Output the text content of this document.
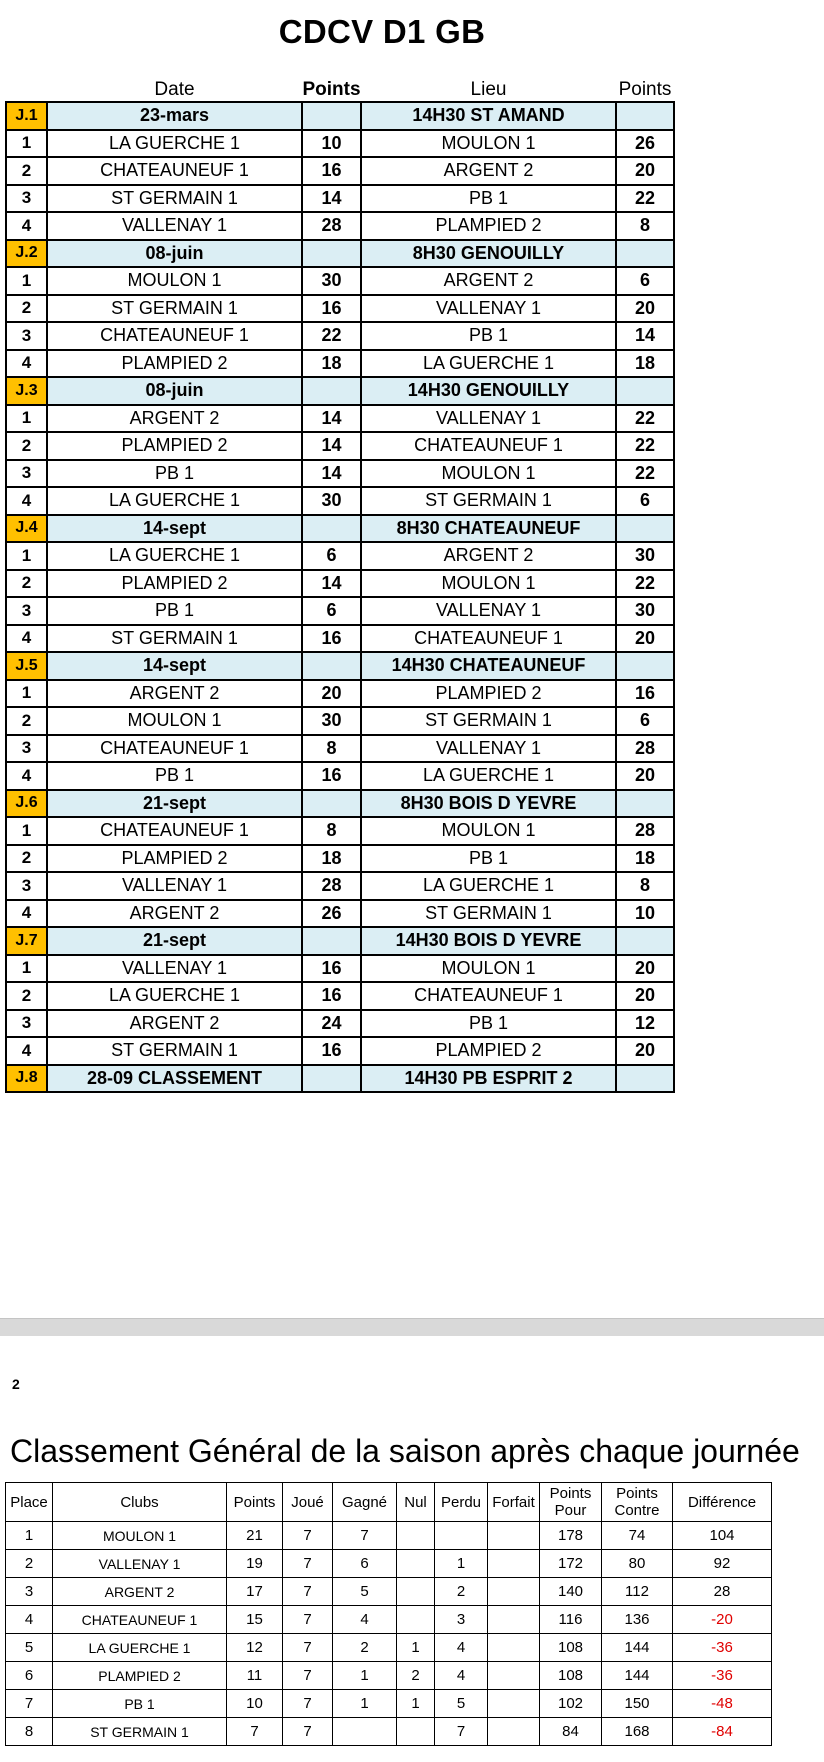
CDCV D1 GB
	Date	Points	Lieu	Points
J.1	23-mars		14H30 ST AMAND	
1	LA GUERCHE 1	10	MOULON 1	26
2	CHATEAUNEUF 1	16	ARGENT 2	20
3	ST GERMAIN 1	14	PB 1	22
4	VALLENAY 1	28	PLAMPIED 2	8
J.2	08-juin		8H30 GENOUILLY	
1	MOULON 1	30	ARGENT 2	6
2	ST GERMAIN 1	16	VALLENAY 1	20
3	CHATEAUNEUF 1	22	PB 1	14
4	PLAMPIED 2	18	LA GUERCHE 1	18
J.3	08-juin		14H30 GENOUILLY	
1	ARGENT 2	14	VALLENAY 1	22
2	PLAMPIED 2	14	CHATEAUNEUF 1	22
3	PB 1	14	MOULON 1	22
4	LA GUERCHE 1	30	ST GERMAIN 1	6
J.4	14-sept		8H30 CHATEAUNEUF	
1	LA GUERCHE 1	6	ARGENT 2	30
2	PLAMPIED 2	14	MOULON 1	22
3	PB 1	6	VALLENAY 1	30
4	ST GERMAIN 1	16	CHATEAUNEUF 1	20
J.5	14-sept		14H30 CHATEAUNEUF	
1	ARGENT 2	20	PLAMPIED 2	16
2	MOULON 1	30	ST GERMAIN 1	6
3	CHATEAUNEUF 1	8	VALLENAY 1	28
4	PB 1	16	LA GUERCHE 1	20
J.6	21-sept		8H30 BOIS D YEVRE	
1	CHATEAUNEUF 1	8	MOULON 1	28
2	PLAMPIED 2	18	PB 1	18
3	VALLENAY 1	28	LA GUERCHE 1	8
4	ARGENT 2	26	ST GERMAIN 1	10
J.7	21-sept		14H30 BOIS D YEVRE	
1	VALLENAY 1	16	MOULON 1	20
2	LA GUERCHE 1	16	CHATEAUNEUF 1	20
3	ARGENT 2	24	PB 1	12
4	ST GERMAIN 1	16	PLAMPIED 2	20
J.8	28-09 CLASSEMENT		14H30 PB ESPRIT 2	
2
Classement Général de la saison après chaque journée
Place	Clubs	Points	Joué	Gagné	Nul	Perdu	Forfait	Points Pour	Points Contre	Différence
1	MOULON 1	21	7	7				178	74	104
2	VALLENAY 1	19	7	6		1		172	80	92
3	ARGENT 2	17	7	5		2		140	112	28
4	CHATEAUNEUF 1	15	7	4		3		116	136	-20
5	LA GUERCHE 1	12	7	2	1	4		108	144	-36
6	PLAMPIED 2	11	7	1	2	4		108	144	-36
7	PB 1	10	7	1	1	5		102	150	-48
8	ST GERMAIN 1	7	7			7		84	168	-84
